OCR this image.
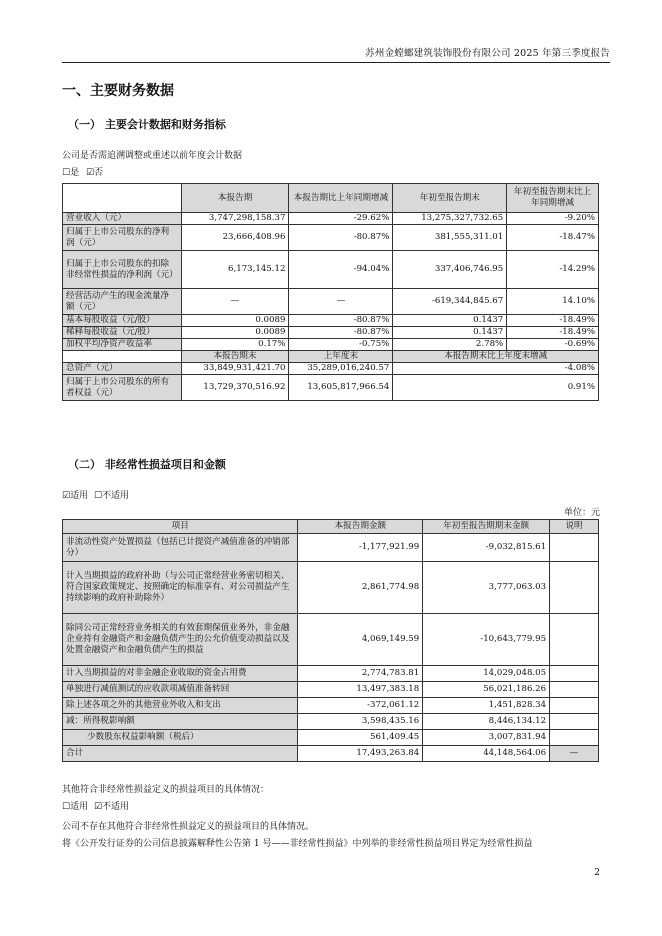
苏州金螳螂建筑装饰股份有限公司 2025 年第三季度报告
一、主要财务数据
（一） 主要会计数据和财务指标
公司是否需追溯调整或重述以前年度会计数据
☐是 ☑否
	本报告期	本报告期比上年同期增减	年初至报告期末	年初至报告期末比上年同期增减
营业收入（元）	3,747,298,158.37	-29.62%	13,275,327,732.65	-9.20%
归属于上市公司股东的净利润（元）	23,666,408.96	-80.87%	381,555,311.01	-18.47%
归属于上市公司股东的扣除非经常性损益的净利润（元）	6,173,145.12	-94.04%	337,406,746.95	-14.29%
经营活动产生的现金流量净额（元）	—	—	-619,344,845.67	14.10%
基本每股收益（元/股）	0.0089	-80.87%	0.1437	-18.49%
稀释每股收益（元/股）	0.0089	-80.87%	0.1437	-18.49%
加权平均净资产收益率	0.17%	-0.75%	2.78%	-0.69%
	本报告期末	上年度末	本报告期末比上年度末增减	
总资产（元）	33,849,931,421.70	35,289,016,240.57	-4.08%	
归属于上市公司股东的所有者权益（元）	13,729,370,516.92	13,605,817,966.54	0.91%	
（二） 非经常性损益项目和金额
☑适用 ☐不适用
单位：元
项目	本报告期金额	年初至报告期期末金额	说明
非流动性资产处置损益（包括已计提资产减值准备的冲销部分）	-1,177,921.99	-9,032,815.61	
计入当期损益的政府补助（与公司正常经营业务密切相关、符合国家政策规定、按照确定的标准享有、对公司损益产生持续影响的政府补助除外）	2,861,774.98	3,777,063.03	
除同公司正常经营业务相关的有效套期保值业务外，非金融企业持有金融资产和金融负债产生的公允价值变动损益以及处置金融资产和金融负债产生的损益	4,069,149.59	-10,643,779.95	
计入当期损益的对非金融企业收取的资金占用费	2,774,783.81	14,029,048.05	
单独进行减值测试的应收款项减值准备转回	13,497,383.18	56,021,186.26	
除上述各项之外的其他营业外收入和支出	-372,061.12	1,451,828.34	
减：所得税影响额	3,598,435.16	8,446,134.12	
少数股东权益影响额（税后）	561,409.45	3,007,831.94	
合计	17,493,263.84	44,148,564.06	—
其他符合非经常性损益定义的损益项目的具体情况：
☐适用 ☑不适用
公司不存在其他符合非经常性损益定义的损益项目的具体情况。
将《公开发行证券的公司信息披露解释性公告第 1 号——非经常性损益》中列举的非经常性损益项目界定为经常性损益
2
